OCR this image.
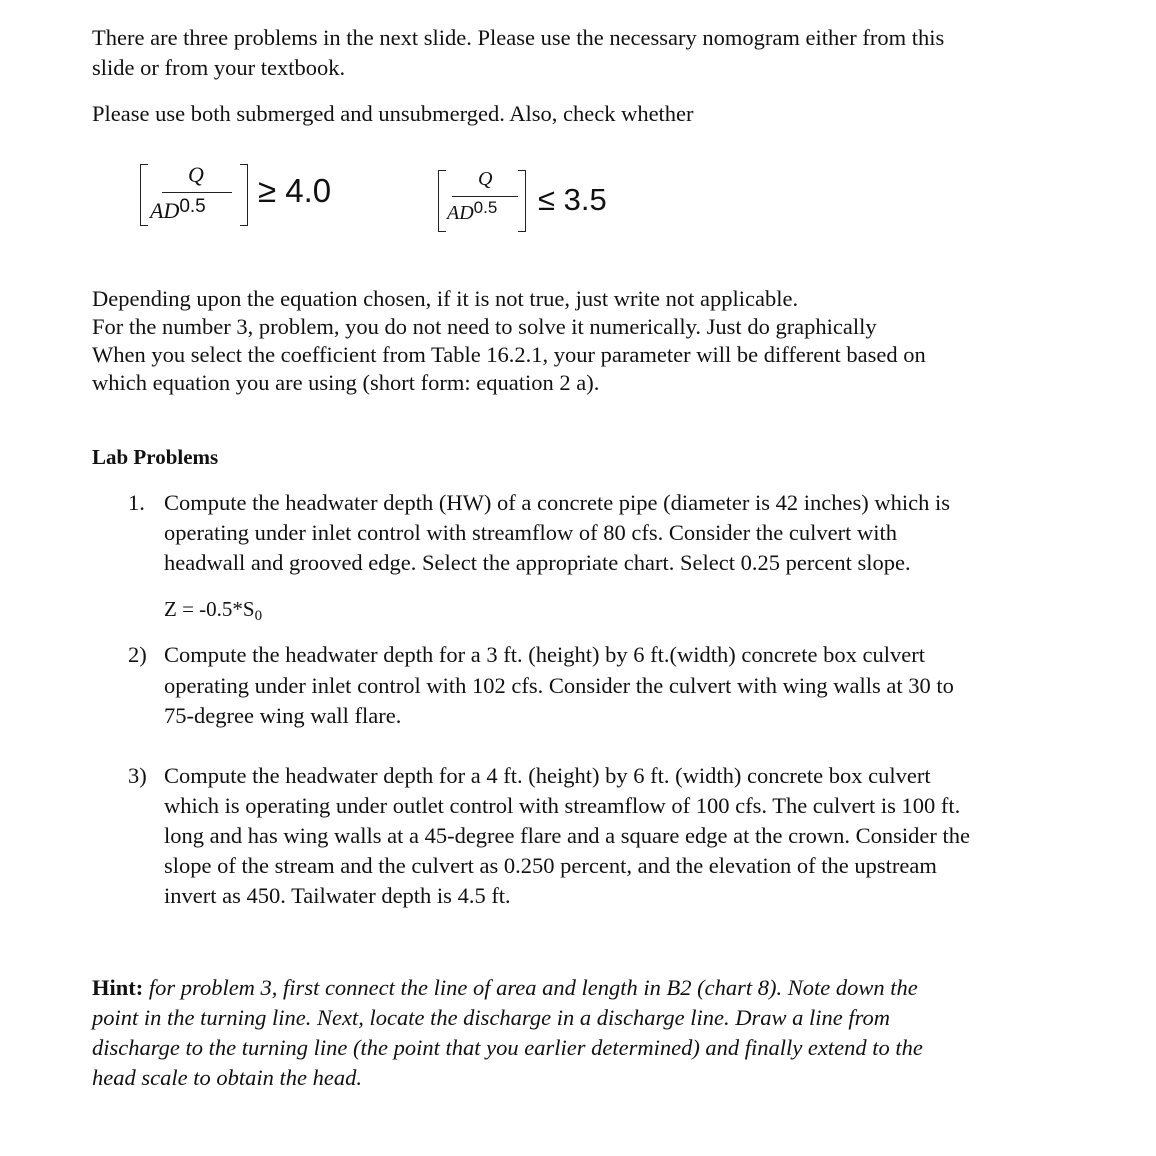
There are three problems in the next slide. Please use the necessary nomogram either from this
slide or from your textbook.
Please use both submerged and unsubmerged. Also, check whether
Q
AD0.5 ≥ 4.0	Q
$AD^{0.5} \le 3.5$
Depending upon the equation chosen, if it is not true, just write not applicable.
For the number 3, problem, you do not need to solve it numerically. Just do graphically
When you select the coefficient from Table 16.2.1, your parameter will be different based on
which equation you are using (short form: equation 2 a).
Lab Problems
1. Compute the headwater depth (HW) of a concrete pipe (diameter is 42 inches) which is
operating under inlet control with streamflow of 80 cfs. Consider the culvert with
headwall and grooved edge. Select the appropriate chart. Select 0.25 percent slope.
Z = -0.5*S0
2) Compute the headwater depth for a 3 ft. (height) by 6 ft.(width) concrete box culvert
operating under inlet control with 102 cfs. Consider the culvert with wing walls at 30 to
75-degree wing wall flare.
3) Compute the headwater depth for a 4 ft. (height) by 6 ft. (width) concrete box culvert
which is operating under outlet control with streamflow of 100 cfs. The culvert is 100 ft.
long and has wing walls at a 45-degree flare and a square edge at the crown. Consider the
slope of the stream and the culvert as 0.250 percent, and the elevation of the upstream
invert as 450. Tailwater depth is 4.5 ft.
Hint: for problem 3, first connect the line of area and length in B2 (chart 8). Note down the
point in the turning line. Next, locate the discharge in a discharge line. Draw a line from
discharge to the turning line (the point that you earlier determined) and finally extend to the
head scale to obtain the head.
